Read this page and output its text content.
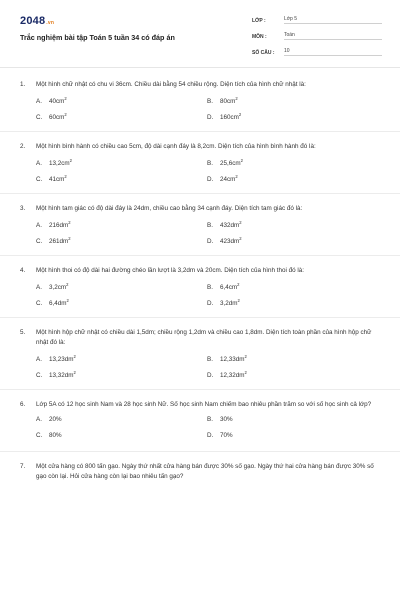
2048.vn
Trắc nghiệm bài tập Toán 5 tuần 34 có đáp án
LỚP :	Lớp 5
MÔN :	Toán
SỐ CÂU :	10
1.	Một hình chữ nhật có chu vi 36cm. Chiều dài bằng 54 chiều rộng. Diện tích của hình chữ nhật là:
A.	$40cm^2$	B.	$80cm^2$
C.	$60cm^2$	D.	$160cm^2$
2.	Một hình bình hành có chiều cao 5cm, độ dài cạnh đáy là 8,2cm. Diện tích của hình bình hành đó là:
A.	$13,2cm^2$	B.	$25,6cm^2$
C.	$41cm^2$	D.	$24cm^2$
3.	Một hình tam giác có độ dài đáy là 24dm, chiều cao bằng 34 cạnh đáy. Diện tích tam giác đó là:
A.	$216dm^2$	B.	$432dm^2$
C.	$261dm^2$	D.	$423dm^2$
4.	Một hình thoi có độ dài hai đường chéo lần lượt là 3,2dm và 20cm. Diện tích của hình thoi đó là:
A.	$3,2cm^2$	B.	$6,4cm^2$
C.	$6,4dm^2$	D.	$3,2dm^2$
5.	Một hình hộp chữ nhật có chiều dài 1,5dm; chiều rộng 1,2dm và chiều cao 1,8dm. Diện tích toàn phần của hình hộp chữ nhật đó là:
A.	$13,23dm^2$	B.	$12,33dm^2$
C.	$13,32dm^2$	D.	$12,32dm^2$
6.	Lớp 5A có 12 học sinh Nam và 28 học sinh Nữ. Số học sinh Nam chiếm bao nhiêu phần trăm so với số học sinh cả lớp?
A.	20%	B.	30%
C.	80%	D.	70%
7.	Một cửa hàng có 800 tấn gạo. Ngày thứ nhất cửa hàng bán được 30% số gạo. Ngày thứ hai cửa hàng bán được 30% số gạo còn lại. Hỏi cửa hàng còn lại bao nhiêu tấn gạo?
